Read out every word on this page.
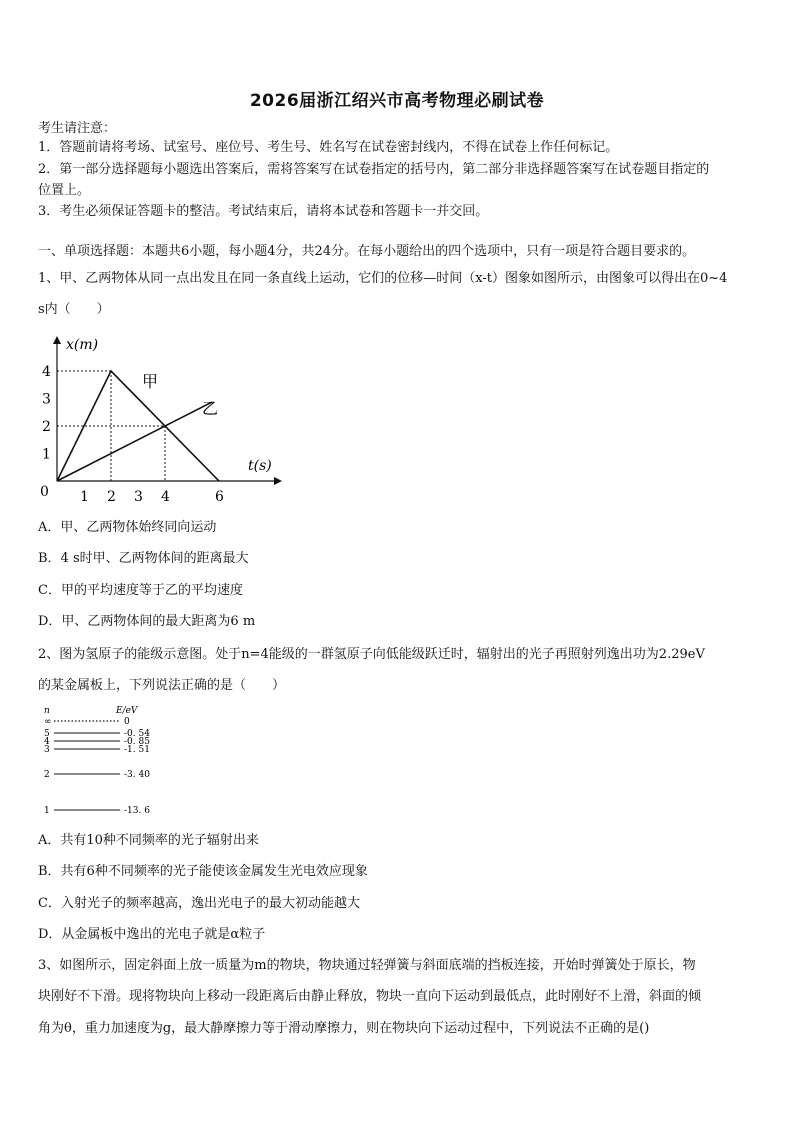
2026届浙江绍兴市高考物理必刷试卷
考生请注意：
1．答题前请将考场、试室号、座位号、考生号、姓名写在试卷密封线内，不得在试卷上作任何标记。
2．第一部分选择题每小题选出答案后，需将答案写在试卷指定的括号内，第二部分非选择题答案写在试卷题目指定的
位置上。
3．考生必须保证答题卡的整洁。考试结束后，请将本试卷和答题卡一并交回。
一、单项选择题：本题共6小题，每小题4分，共24分。在每小题给出的四个选项中，只有一项是符合题目要求的。
1、甲、乙两物体从同一点出发且在同一条直线上运动，它们的位移—时间（x-t）图象如图所示，由图象可以得出在0~4
s内（　　）
x(m)
t(s)
0 1 2 3 4	6
1
2
3
4	甲
乙
A．甲、乙两物体始终同向运动
B．4 s时甲、乙两物体间的距离最大
C．甲的平均速度等于乙的平均速度
D．甲、乙两物体间的最大距离为6 m
2、图为氢原子的能级示意图。处于n=4能级的一群氢原子向低能级跃迁时，辐射出的光子再照射列逸出功为2.29eV
的某金属板上，下列说法正确的是（　　）
n	E/eV
∞	0
5	-0. 54
4	-0. 85
3	-1. 51
2	-3. 40
1	-13. 6
A．共有10种不同频率的光子辐射出来
B．共有6种不同频率的光子能使该金属发生光电效应现象
C．入射光子的频率越高，逸出光电子的最大初动能越大
D．从金属板中逸出的光电子就是α粒子
3、如图所示，固定斜面上放一质量为m的物块，物块通过轻弹簧与斜面底端的挡板连接，开始时弹簧处于原长，物
块刚好不下滑。现将物块向上移动一段距离后由静止释放，物块一直向下运动到最低点，此时刚好不上滑，斜面的倾
角为θ，重力加速度为g，最大静摩擦力等于滑动摩擦力，则在物块向下运动过程中，下列说法不正确的是()
